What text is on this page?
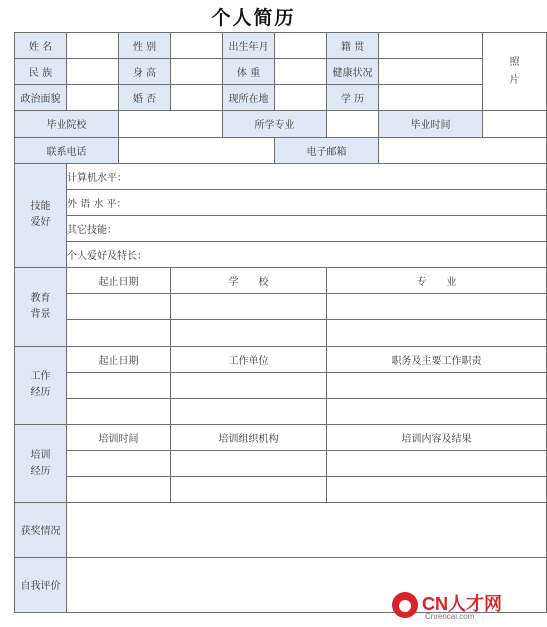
个人简历
姓 名		性 别		出生年月		籍 贯		照片
民 族		身 高		体 重		健康状况		
政治面貌		婚 否		现所在地		学 历		
毕业院校				所学专业			毕业时间	
联系电话					电子邮箱			
技能爱好	计算机水平：							
	外 语 水 平：							
	其它技能：							
	个人爱好及特长：							
教育背景	起止日期		学　　校			专　　业		

工作经历	起止日期		工作单位			职务及主要工作职责		

培训经历	培训时间		培训组织机构			培训内容及结果		

获奖情况								
自我评价								
CN人才网
Cnrencai.com
